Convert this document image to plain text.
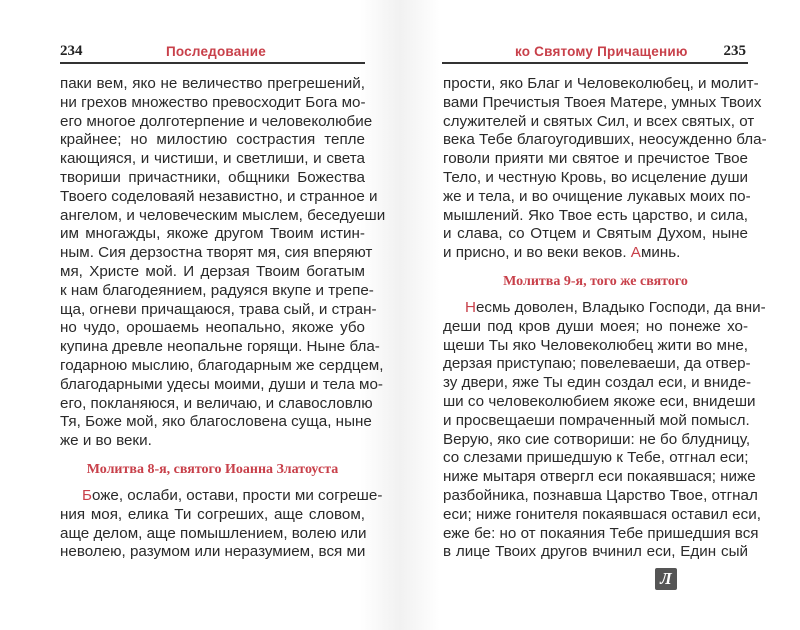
234	Последование
паки вем, яко не величество прегрешений,
ни грехов множество превосходит Бога мо-
его многое долготерпение и человеколюбие
крайнее; но милостию сострастия тепле
кающияся, и чистиши, и светлиши, и света
твориши причастники, общники Божества
Твоего соделоваяй независтно, и странное и
ангелом, и человеческим мыслем, беседуеши
им многажды, якоже другом Твоим истин-
ным. Сия дерзостна творят мя, сия вперяют
мя, Христе мой. И дерзая Твоим богатым
к нам благодеянием, радуяся вкупе и трепе-
ща, огневи причащаюся, трава сый, и стран-
но чудо, орошаемь неопально, якоже убо
купина древле неопальне горящи. Ныне бла-
годарною мыслию, благодарным же сердцем,
благодарными удесы моими, души и тела мо-
его, покланяюся, и величаю, и славословлю
Тя, Боже мой, яко благословена суща, ныне
же и во веки.
Молитва 8-я, святого Иоанна Златоуста
Боже, ослаби, остави, прости ми согреше-
ния моя, елика Ти согреших, аще словом,
аще делом, аще помышлением, волею или
неволею, разумом или неразумием, вся ми
ко Святому Причащению 235
прости, яко Благ и Человеколюбец, и молит-
вами Пречистыя Твоея Матере, умных Твоих
служителей и святых Сил, и всех святых, от
века Тебе благоугодивших, неосужденно бла-
говоли прияти ми святое и пречистое Твое
Тело, и честную Кровь, во исцеление души
же и тела, и во очищение лукавых моих по-
мышлений. Яко Твое есть царство, и сила,
и слава, со Отцем и Святым Духом, ныне
и присно, и во веки веков. Аминь.
Молитва 9-я, того же святого
Несмь доволен, Владыко Господи, да вни-
деши под кров души моея; но понеже хо-
щеши Ты яко Человеколюбец жити во мне,
дерзая приступаю; повелеваеши, да отвер-
зу двери, яже Ты един создал еси, и вниде-
ши со человеколюбием якоже еси, внидеши
и просвещаеши помраченный мой помысл.
Верую, яко сие сотвориши: не бо блудницу,
со слезами пришедшую к Тебе, отгнал еси;
ниже мытаря отвергл еси покаявшася; ниже
разбойника, познавша Царство Твое, отгнал
еси; ниже гонителя покаявшася оставил еси,
еже бе: но от покаяния Тебе пришедшия вся
в лице Твоих другов вчинил еси, Един сый
Л
